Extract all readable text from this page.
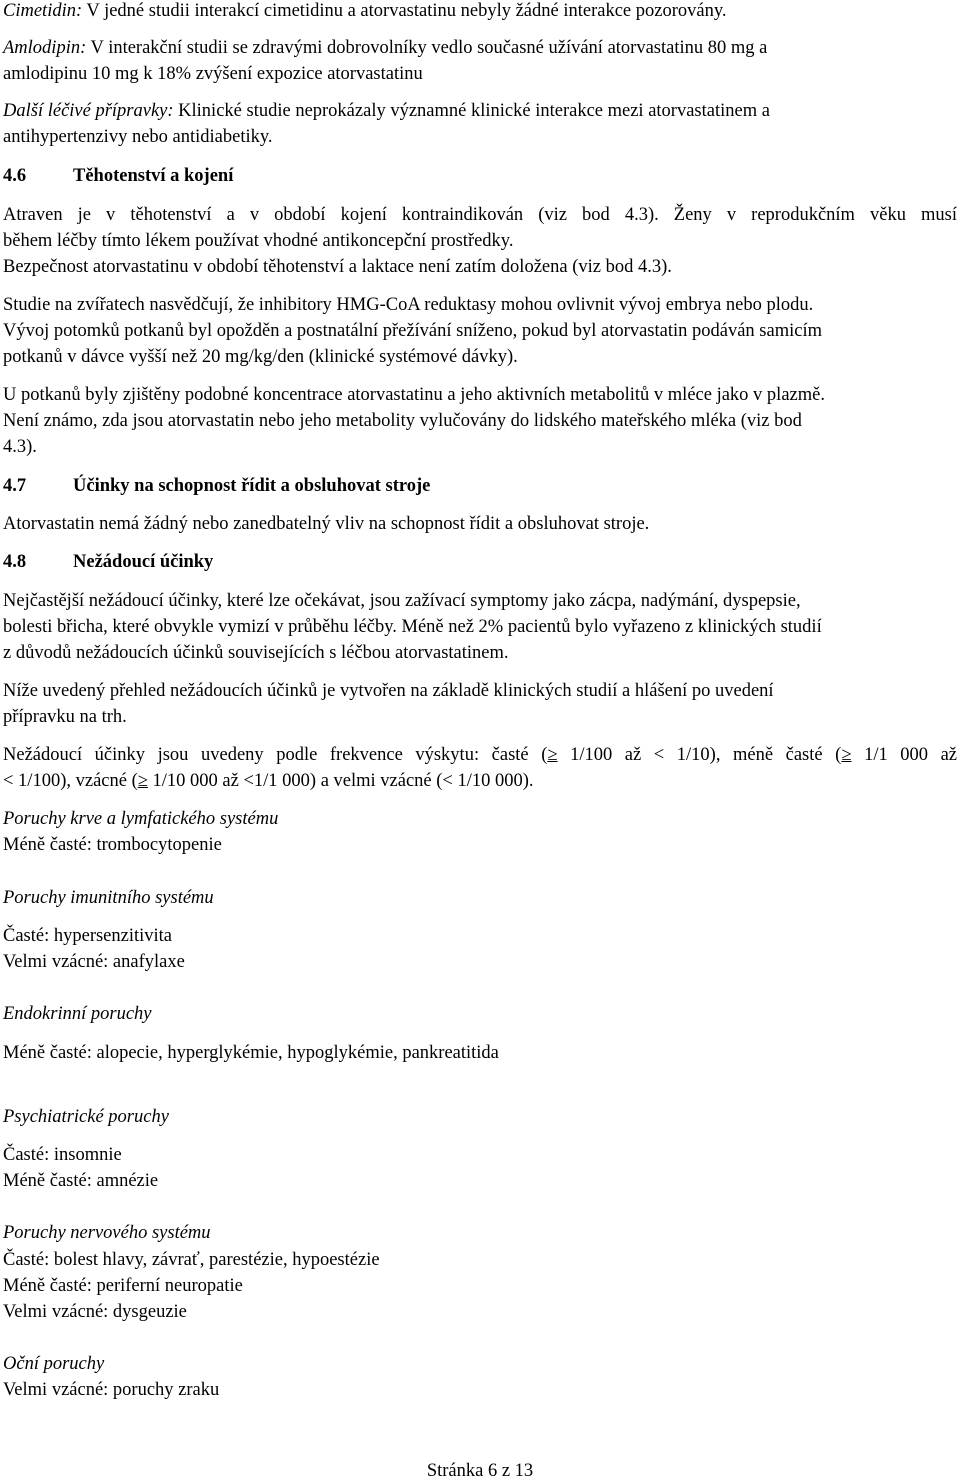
Cimetidin: V jedné studii interakcí cimetidinu a atorvastatinu nebyly žádné interakce pozorovány.
Amlodipin: V interakční studii se zdravými dobrovolníky vedlo současné užívání atorvastatinu 80 mg a
amlodipinu 10 mg k 18% zvýšení expozice atorvastatinu
Další léčivé přípravky: Klinické studie neprokázaly významné klinické interakce mezi atorvastatinem a
antihypertenzivy nebo antidiabetiky.
4.6	Těhotenství a kojení
Atraven je v těhotenství a v období kojení kontraindikován (viz bod 4.3). Ženy v reprodukčním věku musí
během léčby tímto lékem používat vhodné antikoncepční prostředky.
Bezpečnost atorvastatinu v období těhotenství a laktace není zatím doložena (viz bod 4.3).
Studie na zvířatech nasvědčují, že inhibitory HMG-CoA reduktasy mohou ovlivnit vývoj embrya nebo plodu.
Vývoj potomků potkanů byl opožděn a postnatální přežívání sníženo, pokud byl atorvastatin podáván samicím
potkanů v dávce vyšší než 20 mg/kg/den (klinické systémové dávky).
U potkanů byly zjištěny podobné koncentrace atorvastatinu a jeho aktivních metabolitů v mléce jako v plazmě.
Není známo, zda jsou atorvastatin nebo jeho metabolity vylučovány do lidského mateřského mléka (viz bod
4.3).
4.7	Účinky na schopnost řídit a obsluhovat stroje
Atorvastatin nemá žádný nebo zanedbatelný vliv na schopnost řídit a obsluhovat stroje.
4.8	Nežádoucí účinky
Nejčastější nežádoucí účinky, které lze očekávat, jsou zažívací symptomy jako zácpa, nadýmání, dyspepsie,
bolesti břicha, které obvykle vymizí v průběhu léčby. Méně než 2% pacientů bylo vyřazeno z klinických studií
z důvodů nežádoucích účinků souvisejících s léčbou atorvastatinem.
Níže uvedený přehled nežádoucích účinků je vytvořen na základě klinických studií a hlášení po uvedení
přípravku na trh.
Nežádoucí účinky jsou uvedeny podle frekvence výskytu: časté (≥ 1/100 až < 1/10), méně časté (≥ 1/1 000 až
< 1/100), vzácné (≥ 1/10 000 až <1/1 000) a velmi vzácné (< 1/10 000).
Poruchy krve a lymfatického systému
Méně časté: trombocytopenie
Poruchy imunitního systému
Časté: hypersenzitivita
Velmi vzácné: anafylaxe
Endokrinní poruchy
Méně časté: alopecie, hyperglykémie, hypoglykémie, pankreatitida
Psychiatrické poruchy
Časté: insomnie
Méně časté: amnézie
Poruchy nervového systému
Časté: bolest hlavy, závrať, parestézie, hypoestézie
Méně časté: periferní neuropatie
Velmi vzácné: dysgeuzie
Oční poruchy
Velmi vzácné: poruchy zraku
Stránka 6 z 13
